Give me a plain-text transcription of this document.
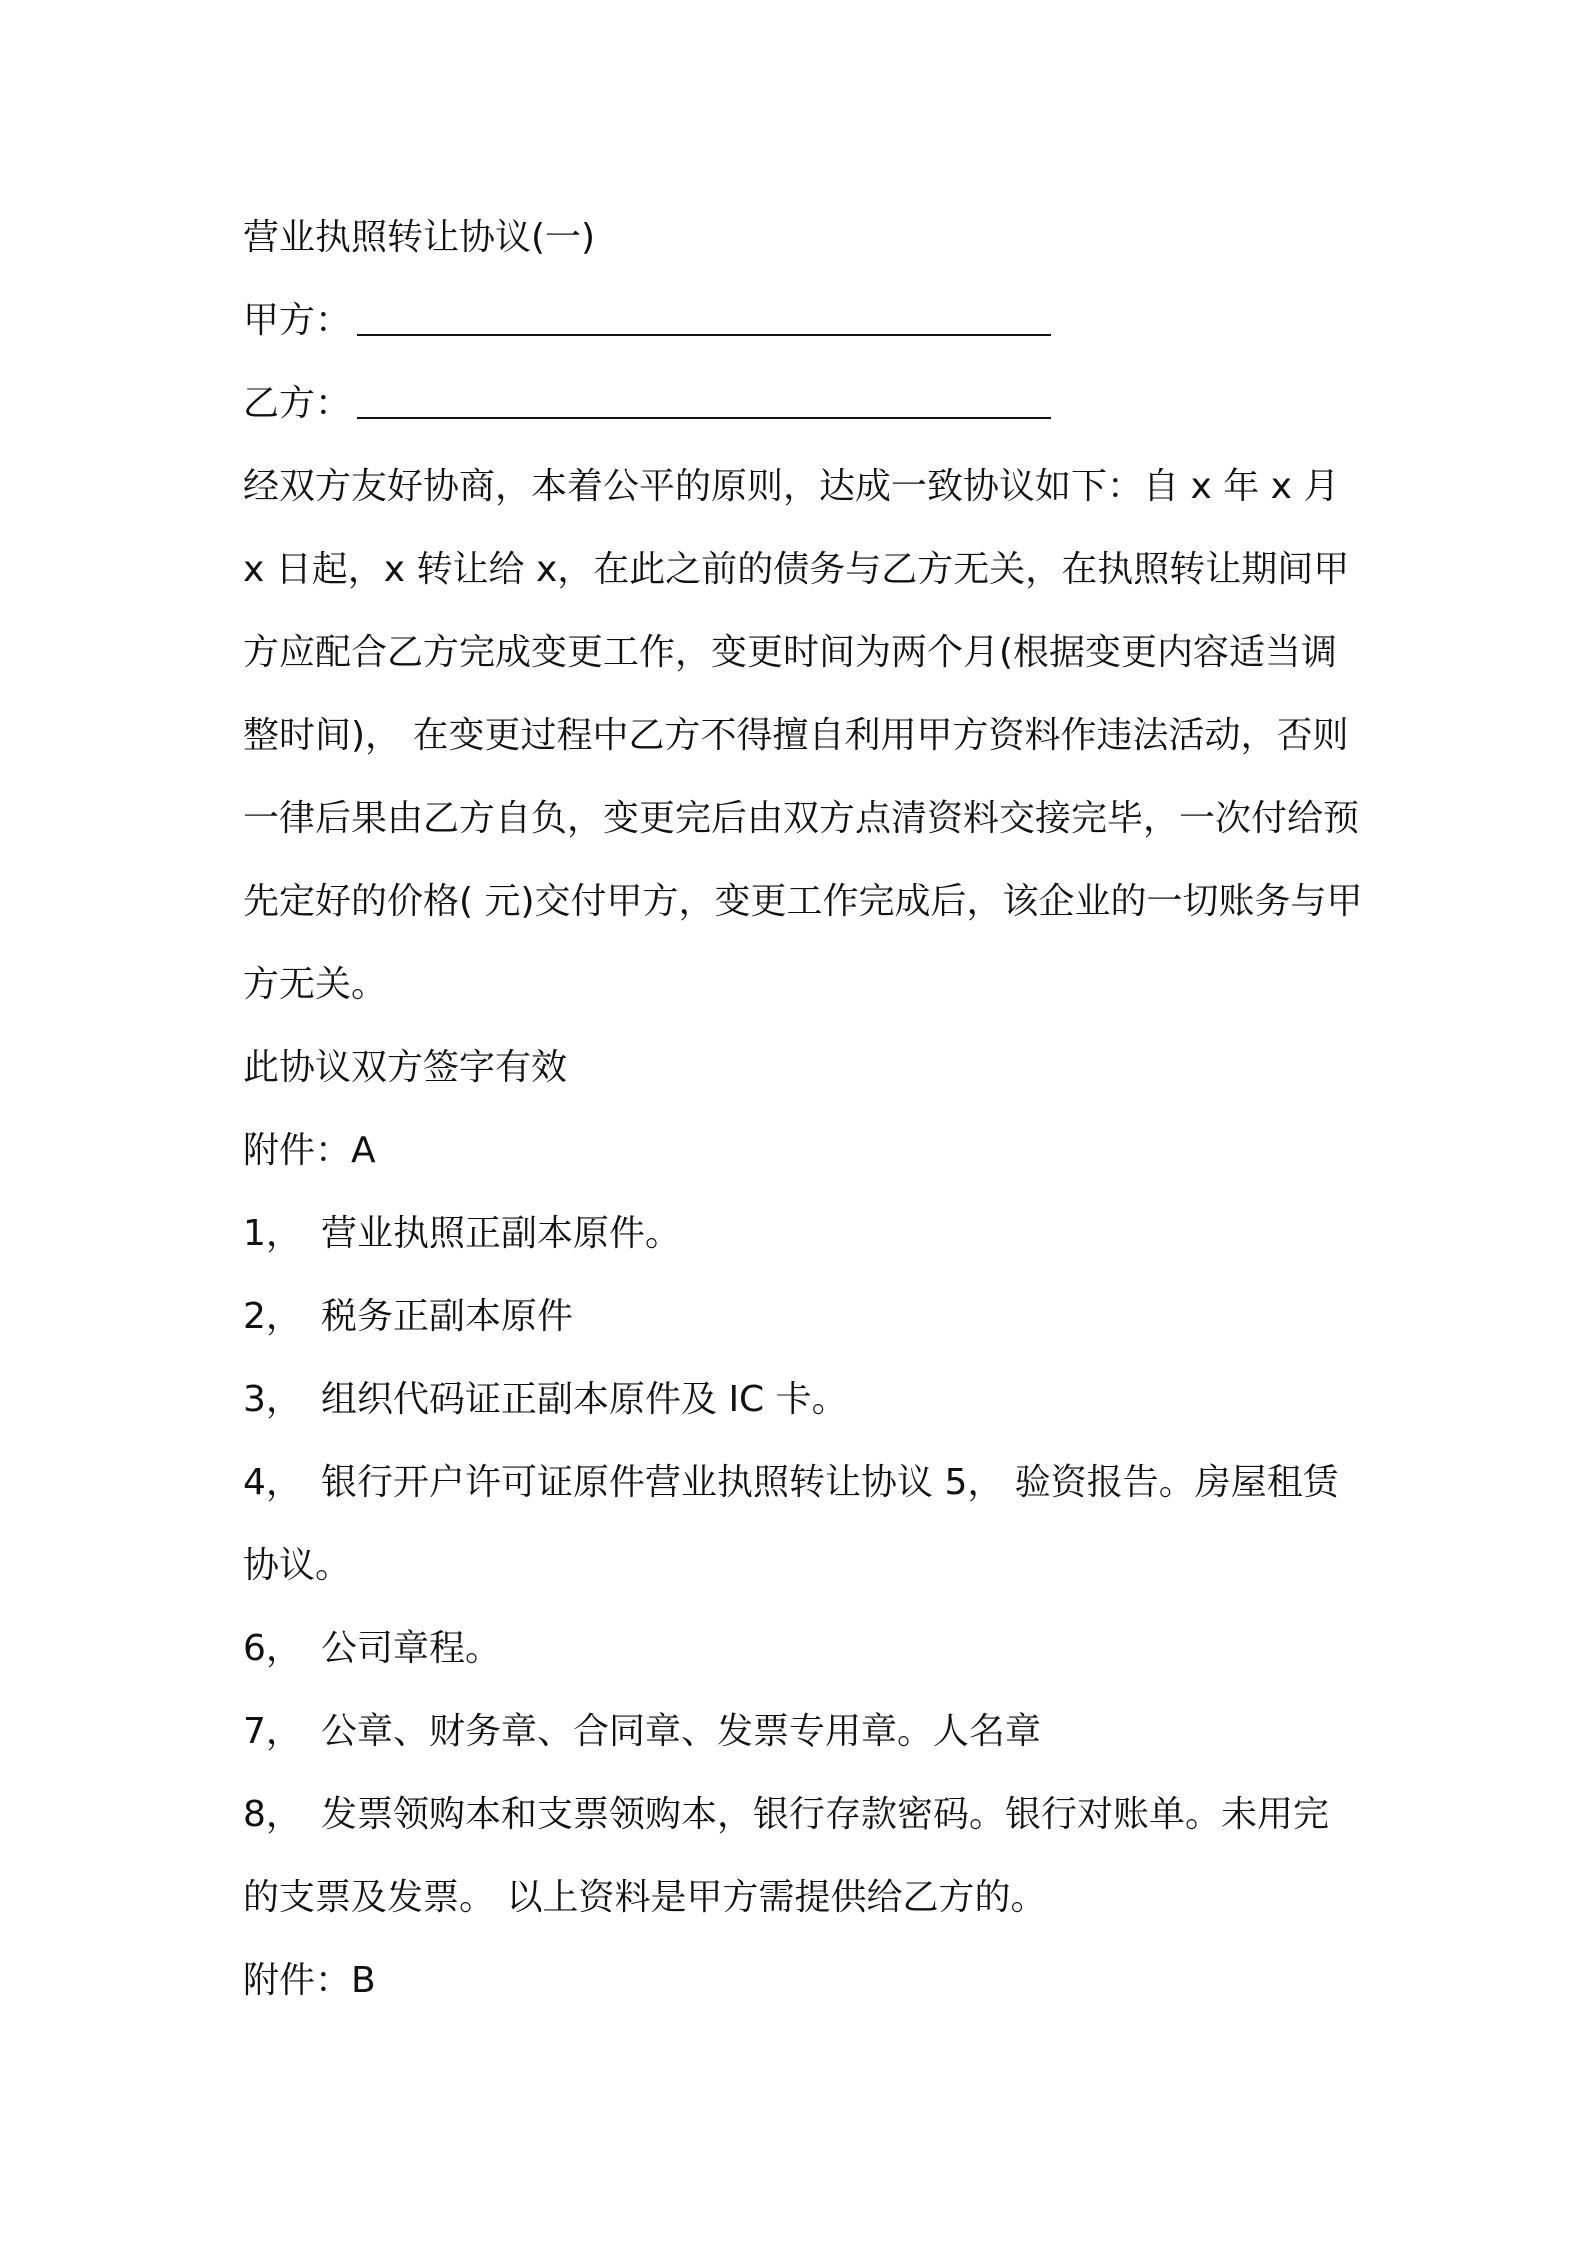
营业执照转让协议(一)
甲方：
乙方：
经双方友好协商，本着公平的原则，达成一致协议如下：自 x 年 x 月 x 日起，x 转让给 x，在此之前的债务与乙方无关，在执照转让期间甲方应配合乙方完成变更工作，变更时间为两个月(根据变更内容适当调整时间)， 在变更过程中乙方不得擅自利用甲方资料作违法活动，否则一律后果由乙方自负，变更完后由双方点清资料交接完毕，一次付给预先定好的价格( 元)交付甲方，变更工作完成后，该企业的一切账务与甲方无关。
此协议双方签字有效
附件：A
1， 营业执照正副本原件。
2， 税务正副本原件
3， 组织代码证正副本原件及 IC 卡。
4， 银行开户许可证原件营业执照转让协议 5， 验资报告。房屋租赁协议。
6， 公司章程。
7， 公章、财务章、合同章、发票专用章。人名章
8， 发票领购本和支票领购本，银行存款密码。银行对账单。未用完的支票及发票。 以上资料是甲方需提供给乙方的。
附件：B
